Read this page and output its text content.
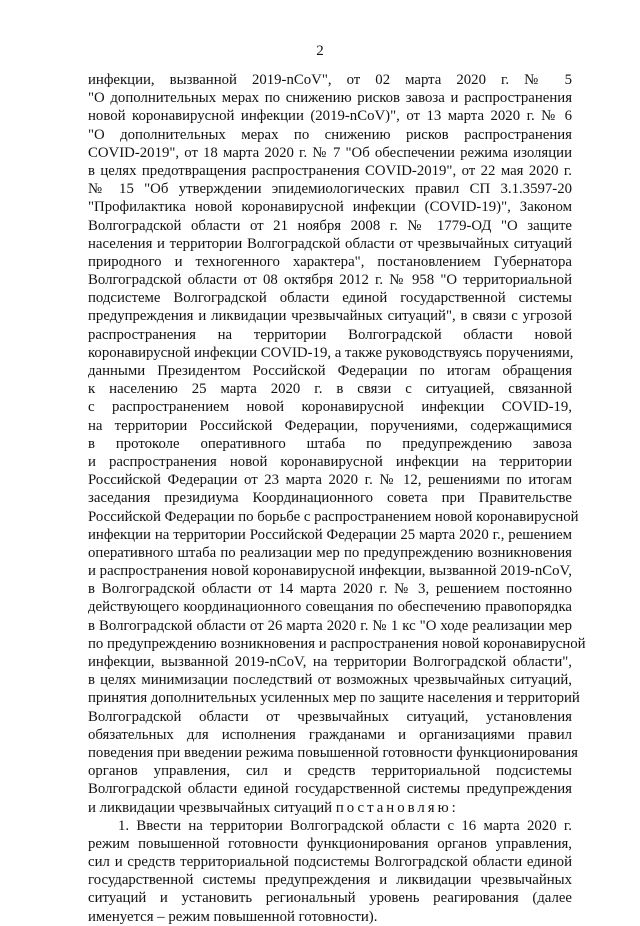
2
инфекции, вызванной 2019-nCoV", от 02 марта 2020 г. № 5
"О дополнительных мерах по снижению рисков завоза и распространения
новой коронавирусной инфекции (2019-nCoV)", от 13 марта 2020 г. № 6
"О дополнительных мерах по снижению рисков распространения
COVID-2019", от 18 марта 2020 г. № 7 "Об обеспечении режима изоляции
в целях предотвращения распространения COVID-2019", от 22 мая 2020 г.
№ 15 "Об утверждении эпидемиологических правил СП 3.1.3597-20
"Профилактика новой коронавирусной инфекции (COVID-19)", Законом
Волгоградской области от 21 ноября 2008 г. № 1779-ОД "О защите
населения и территории Волгоградской области от чрезвычайных ситуаций
природного и техногенного характера", постановлением Губернатора
Волгоградской области от 08 октября 2012 г. № 958 "О территориальной
подсистеме Волгоградской области единой государственной системы
предупреждения и ликвидации чрезвычайных ситуаций", в связи с угрозой
распространения на территории Волгоградской области новой
коронавирусной инфекции COVID-19, а также руководствуясь поручениями,
данными Президентом Российской Федерации по итогам обращения
к населению 25 марта 2020 г. в связи с ситуацией, связанной
с распространением новой коронавирусной инфекции COVID-19,
на территории Российской Федерации, поручениями, содержащимися
в протоколе оперативного штаба по предупреждению завоза
и распространения новой коронавирусной инфекции на территории
Российской Федерации от 23 марта 2020 г. № 12, решениями по итогам
заседания президиума Координационного совета при Правительстве
Российской Федерации по борьбе с распространением новой коронавирусной
инфекции на территории Российской Федерации 25 марта 2020 г., решением
оперативного штаба по реализации мер по предупреждению возникновения
и распространения новой коронавирусной инфекции, вызванной 2019-nCoV,
в Волгоградской области от 14 марта 2020 г. № 3, решением постоянно
действующего координационного совещания по обеспечению правопорядка
в Волгоградской области от 26 марта 2020 г. № 1 кс "О ходе реализации мер
по предупреждению возникновения и распространения новой коронавирусной
инфекции, вызванной 2019-nCoV, на территории Волгоградской области",
в целях минимизации последствий от возможных чрезвычайных ситуаций,
принятия дополнительных усиленных мер по защите населения и территорий
Волгоградской области от чрезвычайных ситуаций, установления
обязательных для исполнения гражданами и организациями правил
поведения при введении режима повышенной готовности функционирования
органов управления, сил и средств территориальной подсистемы
Волгоградской области единой государственной системы предупреждения
и ликвидации чрезвычайных ситуаций постановляю:
1. Ввести на территории Волгоградской области с 16 марта 2020 г.
режим повышенной готовности функционирования органов управления,
сил и средств территориальной подсистемы Волгоградской области единой
государственной системы предупреждения и ликвидации чрезвычайных
ситуаций и установить региональный уровень реагирования (далее
именуется – режим повышенной готовности).
